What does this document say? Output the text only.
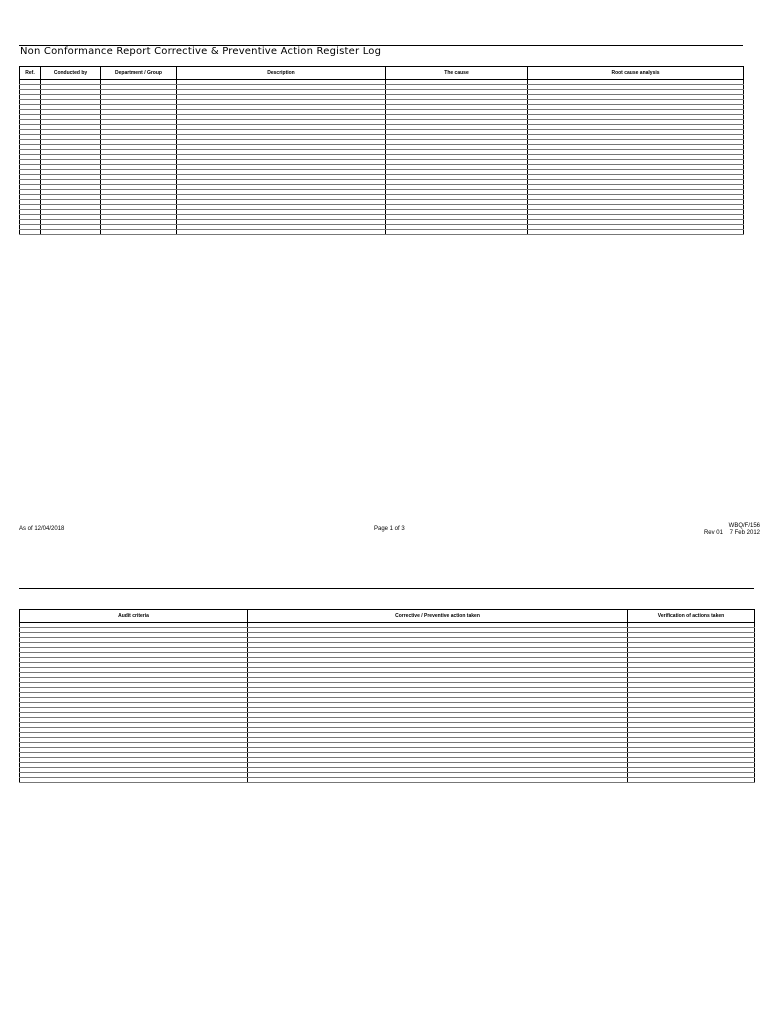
Non Conformance Report Corrective & Preventive Action Register Log
Ref.	Conducted by	Department / Group	Description	The cause	Root cause analysis

As of 12/04/2018	Page 1 of 3	WBQ/F/156
Rev 01 7 Feb 2012
Audit criteria	Corrective / Preventive action taken	Verification of actions taken
